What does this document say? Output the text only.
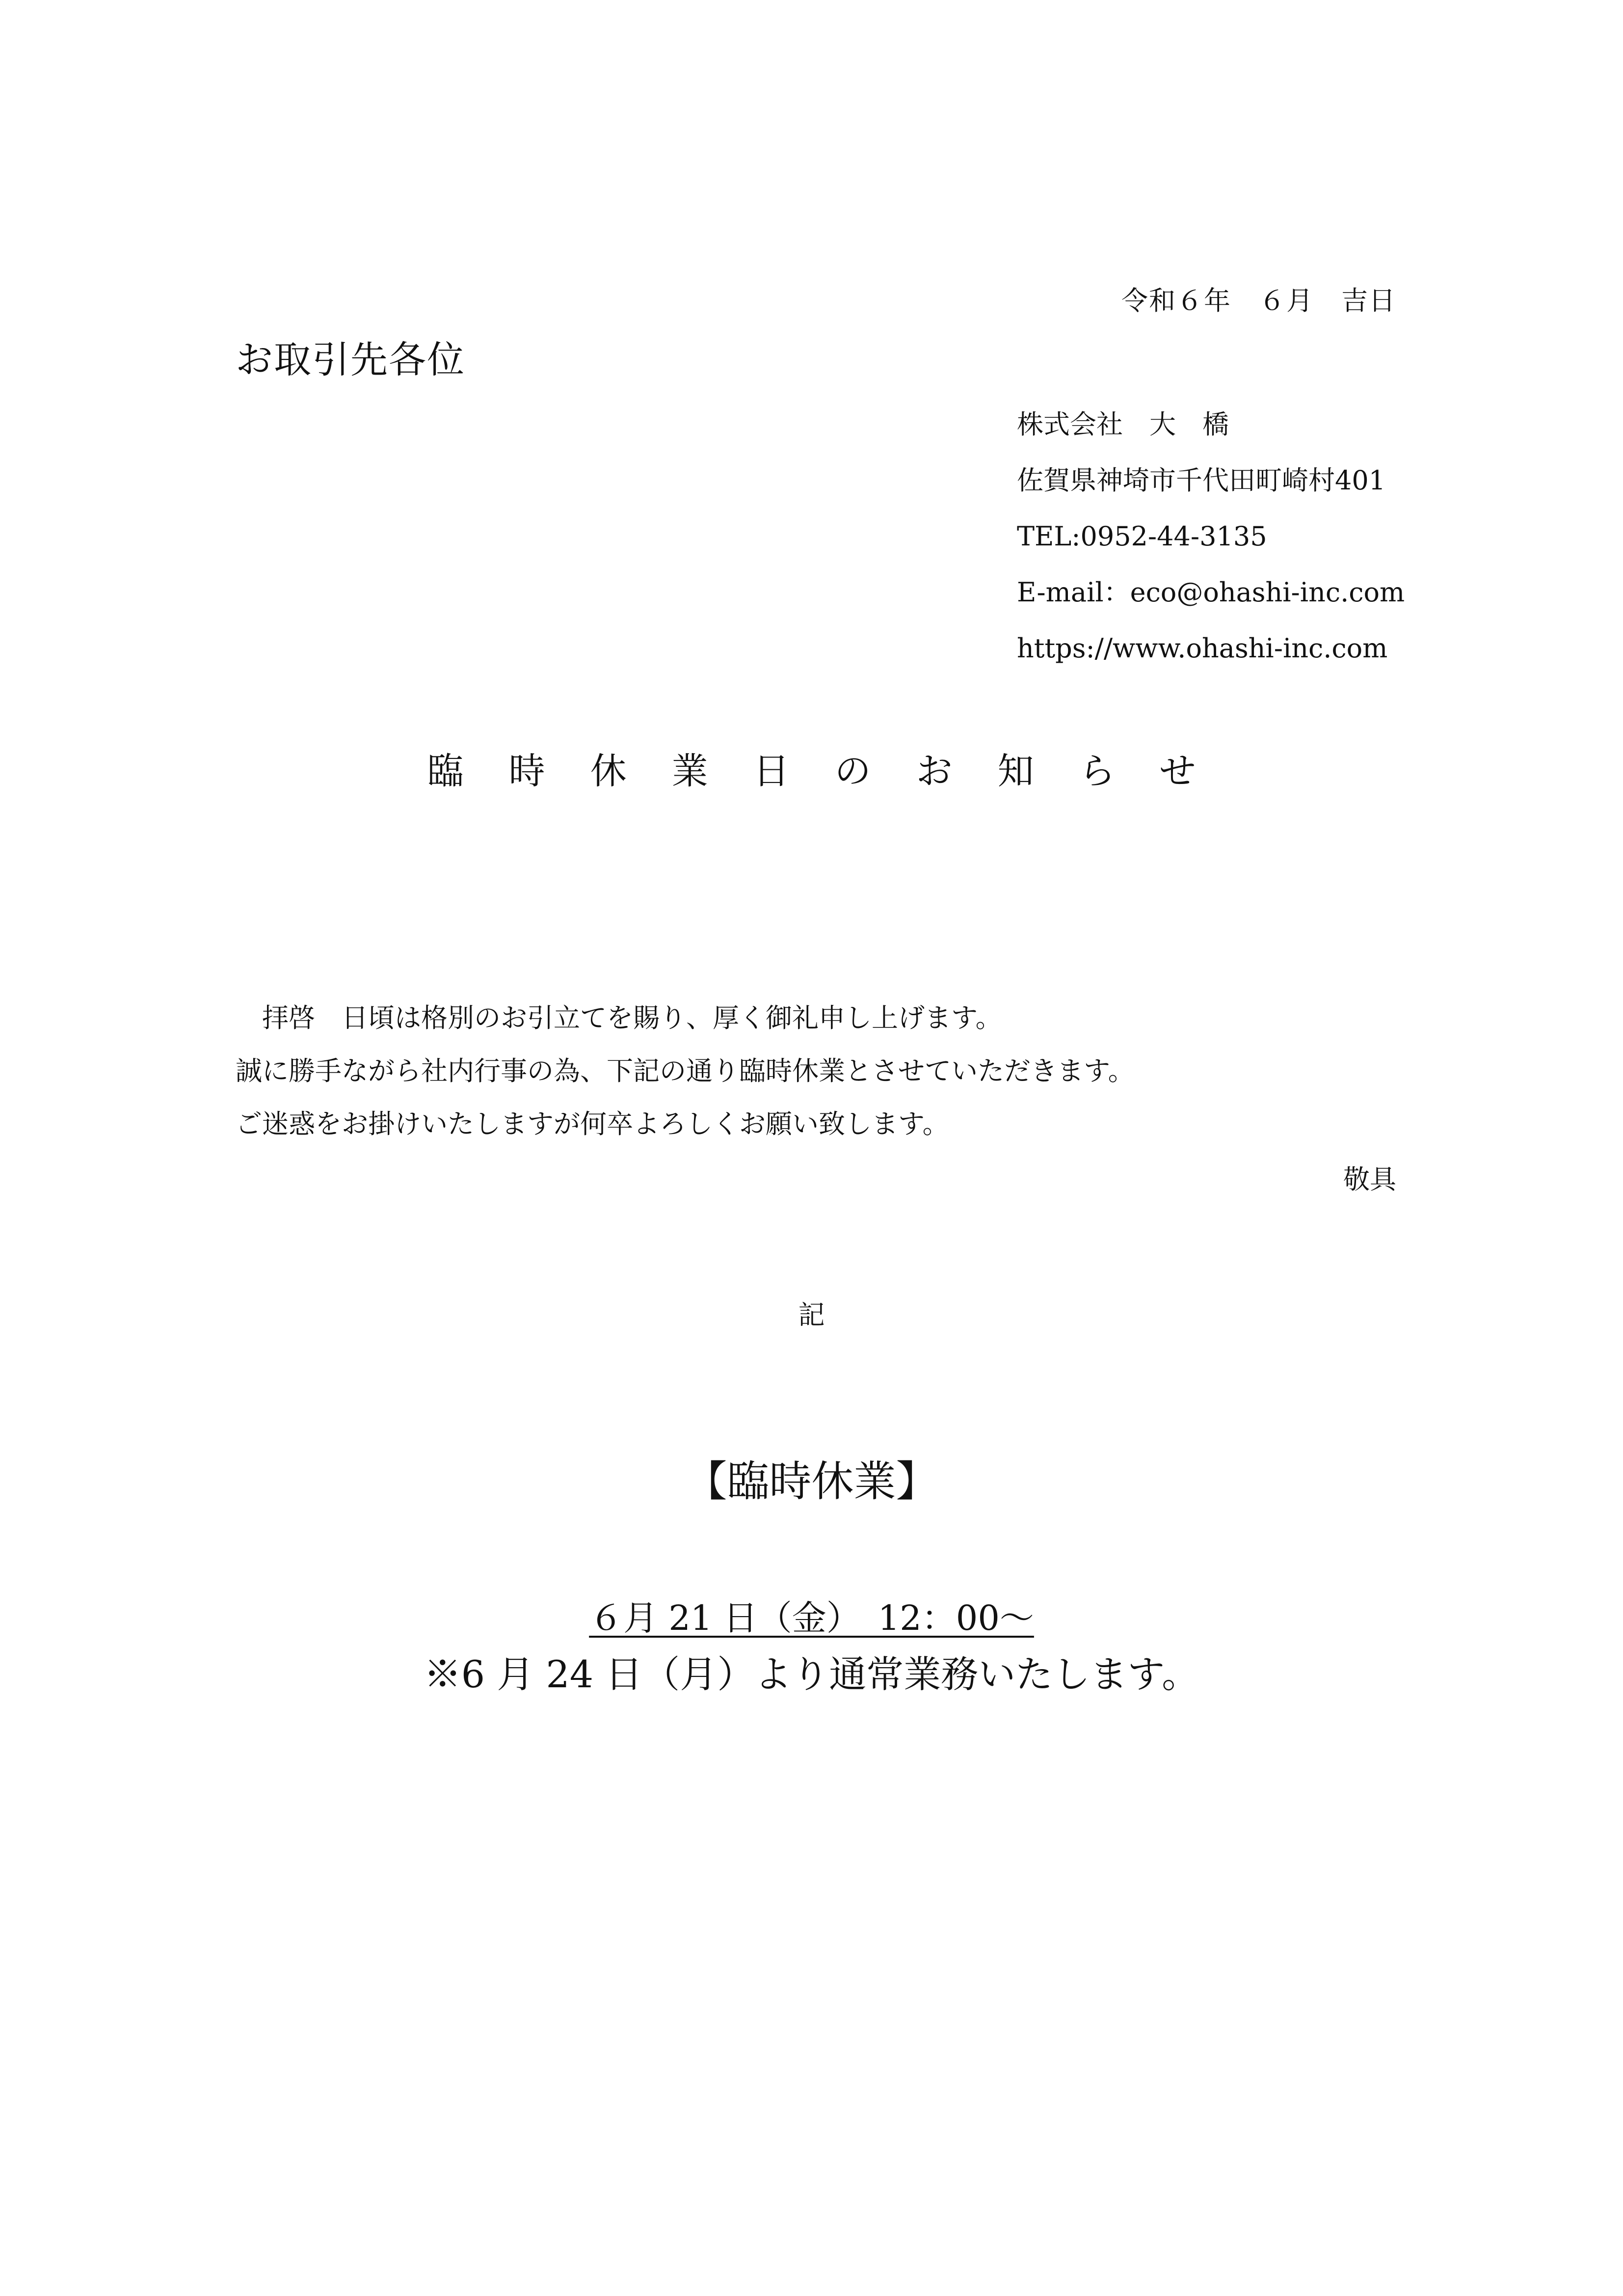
令和６年　６月　吉日
お取引先各位
株式会社　大　橋
佐賀県神埼市千代田町崎村401
TEL:0952-44-3135
E-mail：eco@ohashi-inc.com
https://www.ohashi-inc.com
臨時休業日のお知らせ
　拝啓　日頃は格別のお引立てを賜り、厚く御礼申し上げます。
誠に勝手ながら社内行事の為、下記の通り臨時休業とさせていただきます。
ご迷惑をお掛けいたしますが何卒よろしくお願い致します。
敬具
記
【臨時休業】
６月 21 日（金）　12：00～
※6 月 24 日（月）より通常業務いたします。
